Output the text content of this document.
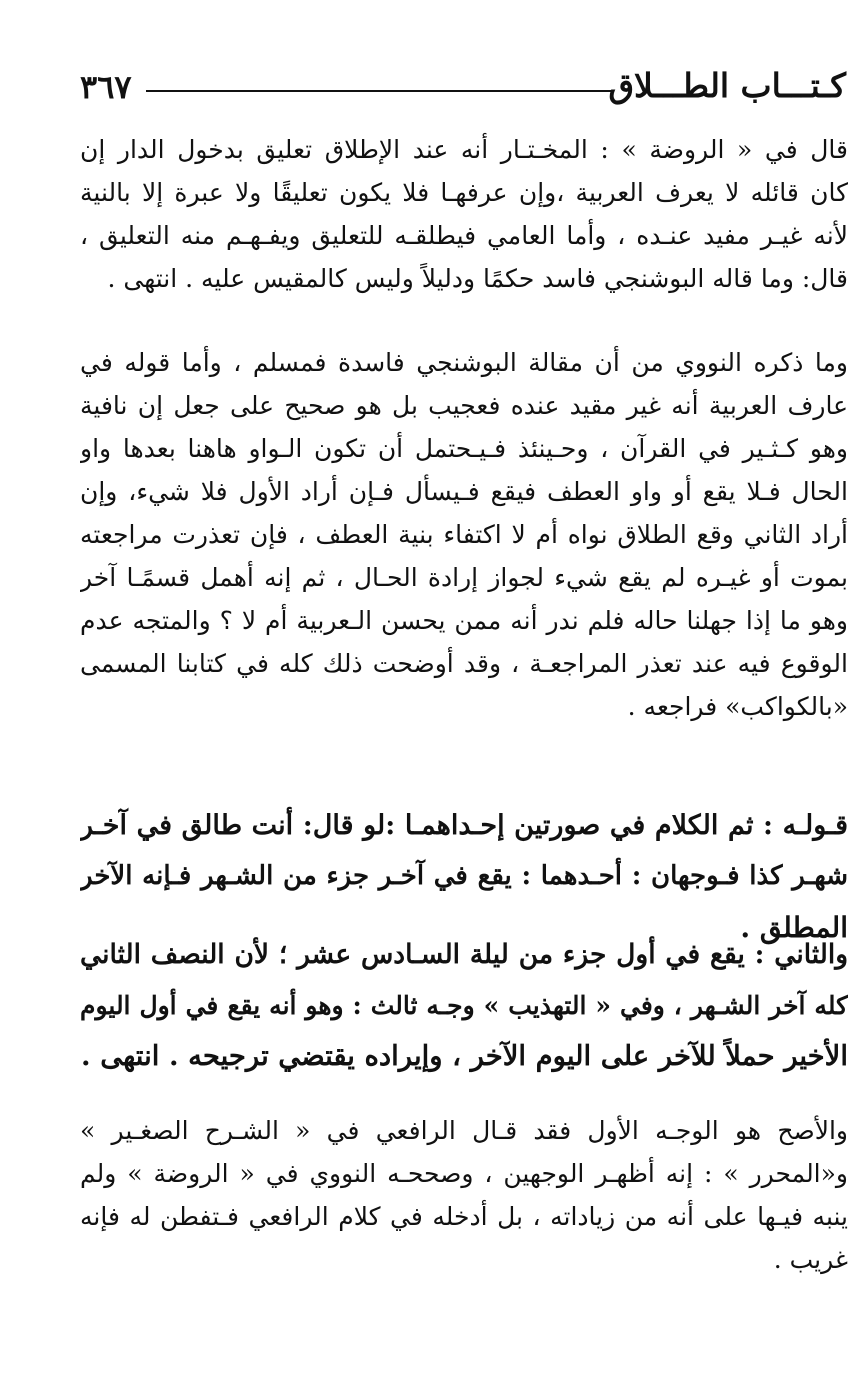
كـتـــاب الطـــلاق
٣٦٧
قال في « الروضة » : المخـتـار أنه عند الإطلاق تعليق بدخول الدار إن
كان قائله لا يعرف العربية ،وإن عرفهـا فلا يكون تعليقًا ولا عبرة إلا بالنية
لأنه غيـر مفيد عنـده ، وأما العامي فيطلقـه للتعليق ويفـهـم منه التعليق ،
قال: وما قاله البوشنجي فاسد حكمًا ودليلاً وليس كالمقيس عليه . انتهى .
وما ذكره النووي من أن مقالة البوشنجي فاسدة فمسلم ، وأما قوله في
عارف العربية أنه غير مقيد عنده فعجيب بل هو صحيح على جعل إن نافية
وهو كـثـير في القرآن ، وحـينئذ فـيـحتمل أن تكون الـواو هاهنا بعدها واو
الحال فـلا يقع أو واو العطف فيقع فـيسأل فـإن أراد الأول فلا شيء، وإن
أراد الثاني وقع الطلاق نواه أم لا اكتفاء بنية العطف ، فإن تعذرت مراجعته
بموت أو غيـره لم يقع شيء لجواز إرادة الحـال ، ثم إنه أهمل قسمًـا آخر
وهو ما إذا جهلنا حاله فلم ندر أنه ممن يحسن الـعربية أم لا ؟ والمتجه عدم
الوقوع فيه عند تعذر المراجعـة ، وقد أوضحت ذلك كله في كتابنا المسمى
«بالكواكب» فراجعه .
قـولـه : ثم الكلام في صورتين إحـداهمـا :لو قال: أنت طالق في آخـر
شهـر كذا فـوجهان : أحـدهما : يقع في آخـر جزء من الشـهر فـإنه الآخر
المطلق .
والثاني : يقع في أول جزء من ليلة السـادس عشر ؛ لأن النصف الثاني
كله آخر الشـهر ، وفي « التهذيب » وجـه ثالث : وهو أنه يقع في أول اليوم
الأخير حملاً للآخر على اليوم الآخر ، وإيراده يقتضي ترجيحه . انتهى .
والأصح هو الوجـه الأول فقد قـال الرافعي في « الشـرح الصغـير »
و«المحرر » : إنه أظهـر الوجهين ، وصححـه النووي في « الروضة » ولم
ينبه فيـها على أنه من زياداته ، بل أدخله في كلام الرافعي فـتفطن له فإنه
غريب .
